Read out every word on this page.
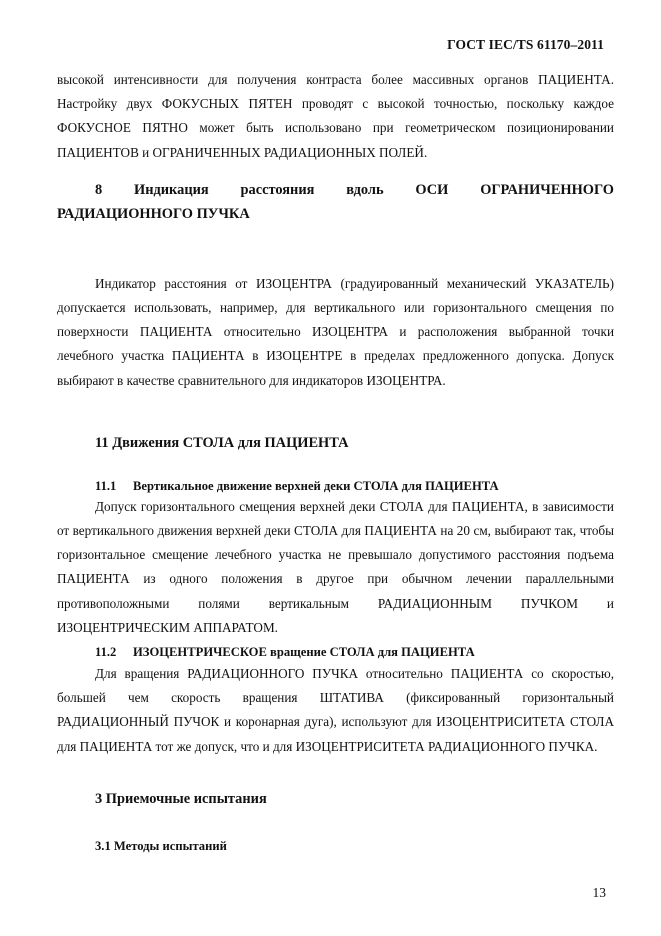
ГОСТ IEC/TS 61170–2011

высокой интенсивности для получения контраста более массивных органов ПАЦИЕНТА. Настройку двух ФОКУСНЫХ ПЯТЕН проводят с высокой точностью, поскольку каждое ФОКУСНОЕ ПЯТНО может быть использовано при геометрическом позиционировании ПАЦИЕНТОВ и ОГРАНИЧЕННЫХ РАДИАЦИОННЫХ ПОЛЕЙ.

8 Индикация расстояния вдоль ОСИ ОГРАНИЧЕННОГО
РАДИАЦИОННОГО ПУЧКА

Индикатор расстояния от ИЗОЦЕНТРА (градуированный механический УКАЗАТЕЛЬ) допускается использовать, например, для вертикального или горизонтального смещения по поверхности ПАЦИЕНТА относительно ИЗОЦЕНТРА и расположения выбранной точки лечебного участка ПАЦИЕНТА в ИЗОЦЕНТРЕ в пределах предложенного допуска. Допуск выбирают в качестве сравнительного для индикаторов ИЗОЦЕНТРА.

11 Движения СТОЛА для ПАЦИЕНТА
11.1 Вертикальное движение верхней деки СТОЛА для ПАЦИЕНТА

Допуск горизонтального смещения верхней деки СТОЛА для ПАЦИЕНТА, в зависимости от вертикального движения верхней деки СТОЛА для ПАЦИЕНТА на 20 см, выбирают так, чтобы горизонтальное смещение лечебного участка не превышало допустимого расстояния подъема ПАЦИЕНТА из одного положения в другое при обычном лечении параллельными противоположными полями вертикальным РАДИАЦИОННЫМ ПУЧКОМ и ИЗОЦЕНТРИЧЕСКИМ АППАРАТОМ.

11.2 ИЗОЦЕНТРИЧЕСКОЕ вращение СТОЛА для ПАЦИЕНТА

Для вращения РАДИАЦИОННОГО ПУЧКА относительно ПАЦИЕНТА со скоростью, большей чем скорость вращения ШТАТИВА (фиксированный горизонтальный РАДИАЦИОННЫЙ ПУЧОК и коронарная дуга), используют для ИЗОЦЕНТРИСИТЕТА СТОЛА для ПАЦИЕНТА тот же допуск, что и для ИЗОЦЕНТРИСИТЕТА РАДИАЦИОННОГО ПУЧКА.

3 Приемочные испытания
3.1 Методы испытаний
13
